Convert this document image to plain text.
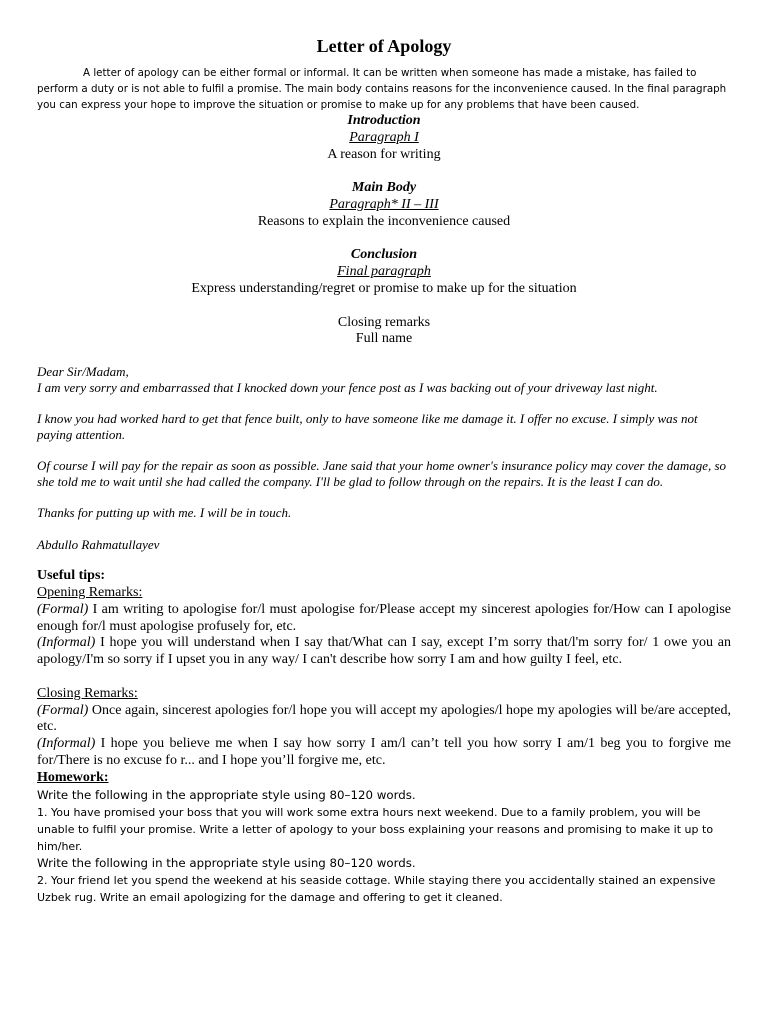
Letter of Apology

A letter of apology can be either formal or informal. It can be written when someone has made a mistake, has failed to perform a duty or is not able to fulfil a promise. The main body contains reasons for the inconvenience caused. In the final paragraph you can express your hope to improve the situation or promise to make up for any problems that have been caused.

Introduction
Paragraph I
A reason for writing
Main Body
Paragraph* II – III
Reasons to explain the inconvenience caused
Conclusion
Final paragraph
Express understanding/regret or promise to make up for the situation
Closing remarks
Full name

Dear Sir/Madam,

I am very sorry and embarrassed that I knocked down your fence post as I was backing out of your driveway last night.

I know you had worked hard to get that fence built, only to have someone like me damage it. I offer no excuse. I simply was not paying attention.

Of course I will pay for the repair as soon as possible. Jane said that your home owner's insurance policy may cover the damage, so she told me to wait until she had called the company. I'll be glad to follow through on the repairs. It is the least I can do.

Thanks for putting up with me. I will be in touch.

Abdullo Rahmatullayev

Useful tips:

Opening Remarks:

(Formal) I am writing to apologise for/l must apologise for/Please accept my sincerest apologies for/How can I apologise enough for/l must apologise profusely for, etc.

(Informal) I hope you will understand when I say that/What can I say, except I’m sorry that/l'm sorry for/ 1 owe you an apology/I'm so sorry if I upset you in any way/ I can't describe how sorry I am and how guilty I feel, etc.

Closing Remarks:

(Formal) Once again, sincerest apologies for/l hope you will accept my apologies/l hope my apologies will be/are accepted, etc.

(Informal) I hope you believe me when I say how sorry I am/l can’t tell you how sorry I am/1 beg you to forgive me for/There is no excuse fo r... and I hope you’ll forgive me, etc.

Homework:

Write the following in the appropriate style using 80–120 words.

1. You have promised your boss that you will work some extra hours next weekend. Due to a family problem, you will be unable to fulfil your promise. Write a letter of apology to your boss explaining your reasons and promising to make it up to him/her.

Write the following in the appropriate style using 80–120 words.

2. Your friend let you spend the weekend at his seaside cottage. While staying there you accidentally stained an expensive Uzbek rug. Write an email apologizing for the damage and offering to get it cleaned.
